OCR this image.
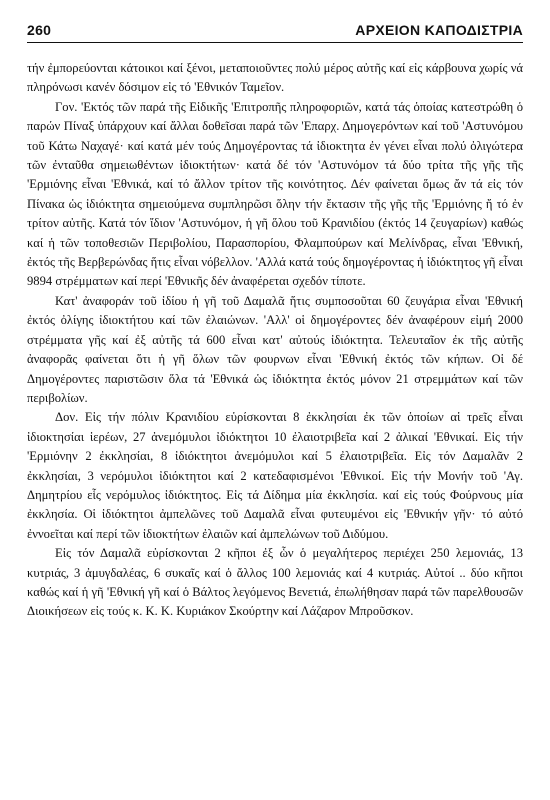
260	ΑΡΧΕΙΟΝ ΚΑΠΟΔΙΣΤΡΙΑ

τήν ἐμπορεύονται κάτοικοι καί ξένοι, μεταποιοῦντες πολύ μέρος αὐτῆς καί εἰς κάρβουνα χωρίς νά πληρόνωσι κανέν δόσιμον εἰς τό 'Εθνικόν Ταμεῖον.

Γον. 'Εκτός τῶν παρά τῆς Εἰδικῆς 'Επιτροπῆς πληροφοριῶν, κατά τάς ὁποίας κατεστρώθη ὁ παρών Πίναξ ὑπάρχουν καί ἄλλαι δοθεῖσαι παρά τῶν 'Επαρχ. Δημογερόντων καί τοῦ 'Αστυνόμου τοῦ Κάτω Ναχαγέ· καί κατά μέν τούς Δημογέροντας τά ἰδιοκτητα ἐν γένει εἶναι πολύ ὀλιγώτερα τῶν ἐνταῦθα σημειωθέντων ἰδιοκτήτων· κατά δέ τόν 'Αστυνόμον τά δύο τρίτα τῆς γῆς τῆς 'Ερμιόνης εἶναι 'Εθνικά, καί τό ἄλλον τρίτον τῆς κοινότητος. Δέν φαίνεται ὅμως ἄν τά εἰς τόν Πίνακα ὡς ἰδιόκτητα σημειούμενα συμπληρῶσι ὅλην τήν ἔκτασιν τῆς γῆς τῆς 'Ερμιόνης ἤ τό ἐν τρίτον αὐτῆς. Κατά τόν ἴδιον 'Αστυνόμον, ἡ γῆ ὅλου τοῦ Κρανιδίου (ἐκτός 14 ζευγαρίων) καθώς καί ἡ τῶν τοποθεσιῶν Περιβολίου, Παρασπορίου, Φλαμπούρων καί Μελίνδρας, εἶναι 'Εθνική, ἐκτός τῆς Βερβερώνδας ἥτις εἶναι νόβελλον. 'Αλλά κατά τούς δημογέροντας ἡ ἰδιόκτητος γῆ εἶναι 9894 στρέμματων καί περί 'Εθνικῆς δέν ἀναφέρεται σχεδόν τίποτε.

Κατ' ἀναφοράν τοῦ ἰδίου ἡ γῆ τοῦ Δαμαλᾶ ἥτις συμποσοῦται 60 ζευγάρια εἶναι 'Εθνική ἐκτός ὀλίγης ἰδιοκτήτου καί τῶν ἐλαιώνων. 'Αλλ' οἱ δημογέροντες δέν ἀναφέρουν εἰμή 2000 στρέμματα γῆς καί ἐξ αὐτῆς τά 600 εἶναι κατ' αὐτούς ἰδιόκτητα. Τελευταῖον ἐκ τῆς αὐτῆς ἀναφορᾶς φαίνεται ὅτι ἡ γῆ ὅλων τῶν φουρνων εἶναι 'Εθνική ἐκτός τῶν κήπων. Οἱ δέ Δημογέροντες παριστῶσιν ὅλα τά 'Εθνικά ὡς ἰδιόκτητα ἐκτός μόνον 21 στρεμμάτων καί τῶν περιβολίων.

Δον. Εἰς τήν πόλιν Κρανιδίου εὑρίσκονται 8 ἐκκλησίαι ἐκ τῶν ὁποίων αἱ τρεῖς εἶναι ἰδιοκτησίαι ἱερέων, 27 ἀνεμόμυλοι ἰδιόκτητοι 10 ἐλαιοτριβεῖα καί 2 ἀλικαί 'Εθνικαί. Εἰς τήν 'Ερμιόνην 2 ἐκκλησίαι, 8 ἰδιόκτητοι ἀνεμόμυλοι καί 5 ἐλαιοτριβεῖα. Εἰς τόν Δαμαλᾶν 2 ἐκκλησίαι, 3 νερόμυλοι ἰδιόκτητοι καί 2 κατεδαφισμένοι 'Εθνικοί. Εἰς τήν Μονήν τοῦ 'Αγ. Δημητρίου εἷς νερόμυλος ἰδιόκτητος. Εἰς τά Δίδημα μία ἐκκλησία. καί εἰς τούς Φούρνους μία ἐκκλησία. Οἱ ἰδιόκτητοι ἀμπελῶνες τοῦ Δαμαλᾶ εἶναι φυτευμένοι εἰς 'Εθνικήν γῆν· τό αὐτό ἐννοεῖται καί περί τῶν ἰδιοκτήτων ἐλαιῶν καί ἀμπελώνων τοῦ Διδύμου.

Εἰς τόν Δαμαλᾶ εὑρίσκονται 2 κῆποι ἐξ ὧν ὁ μεγαλήτερος περιέχει 250 λεμονιάς, 13 κυτριάς, 3 ἀμυγδαλέας, 6 συκαῖς καί ὁ ἄλλος 100 λεμονιάς καί 4 κυτριάς. Αὐτοί .. δύο κῆποι καθώς καί ἡ γῆ 'Εθνική γῆ καί ὁ Βάλτος λεγόμενος Βενετιά, ἐπωλήθησαν παρά τῶν παρελθουσῶν Διοικήσεων εἰς τούς κ. Κ. Κ. Κυριάκον Σκούρτην καί Λάζαρον Μπροῦσκον.
